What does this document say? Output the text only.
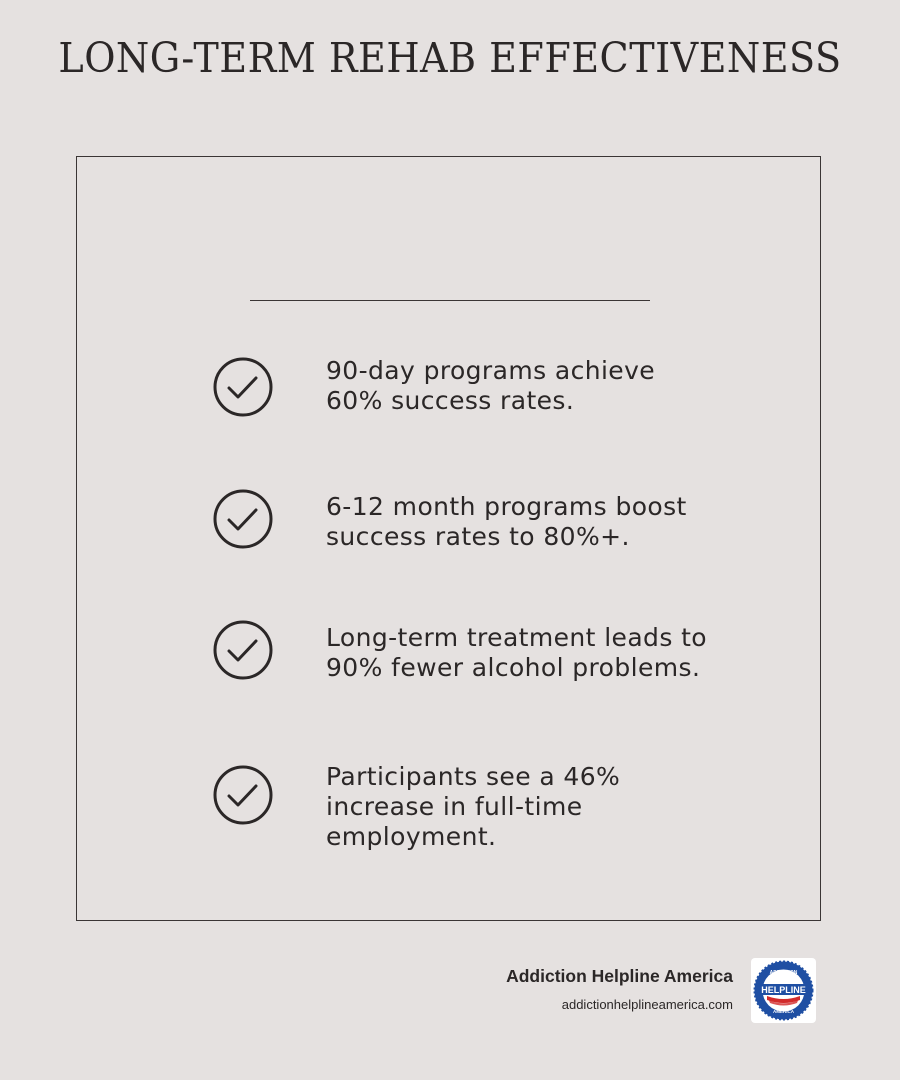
LONG-TERM REHAB EFFECTIVENESS
90-day programs achieve
60% success rates.
6-12 month programs boost
success rates to 80%+.
Long-term treatment leads to
90% fewer alcohol problems.
Participants see a 46%
increase in full-time
employment.
Addiction Helpline America
addictionhelplineamerica.com
HELPLINE
ADDICTION
AMERICA
